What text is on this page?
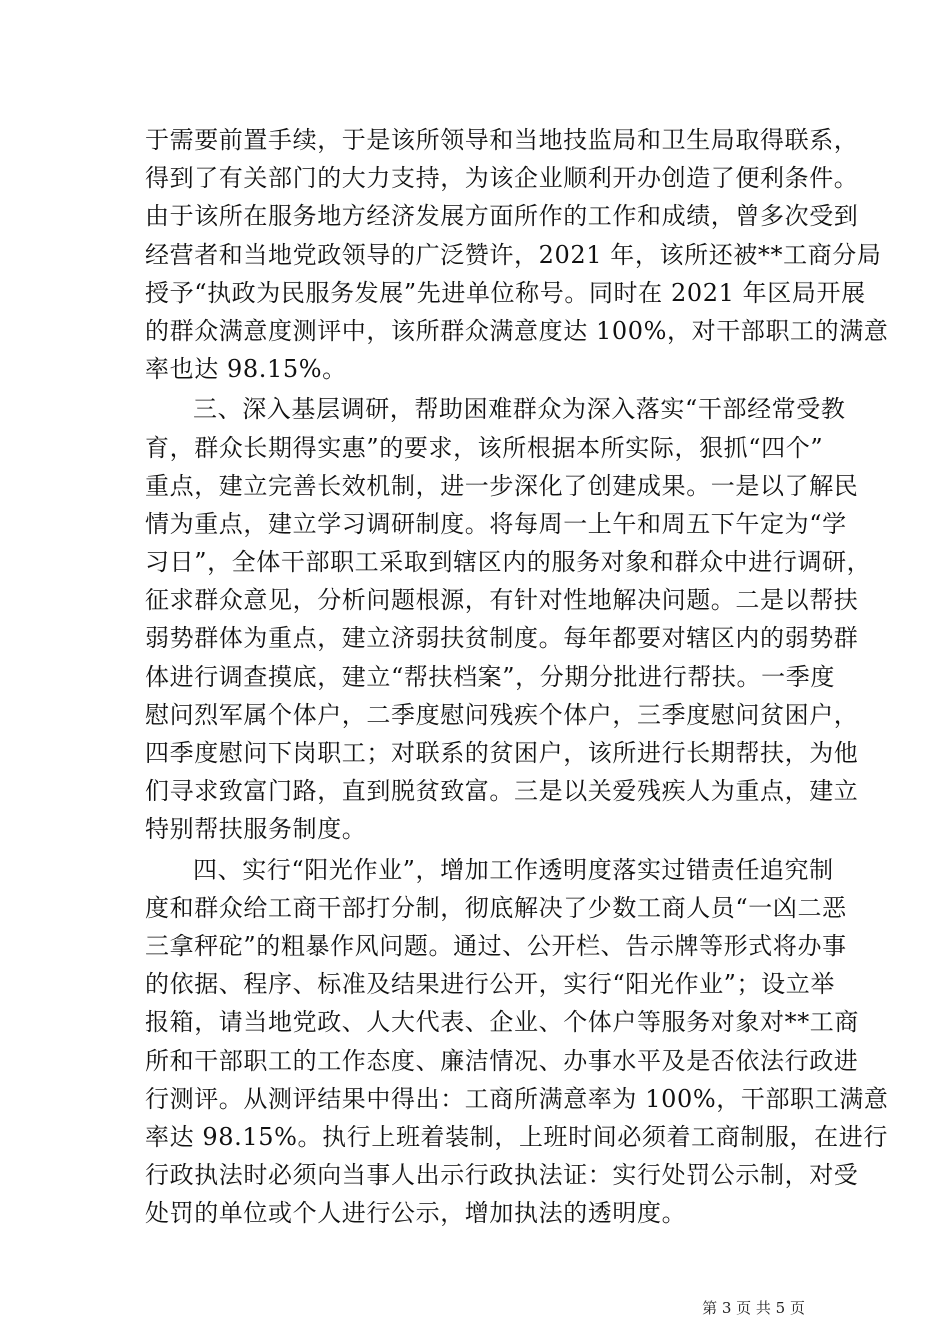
于需要前置手续，于是该所领导和当地技监局和卫生局取得联系，
得到了有关部门的大力支持，为该企业顺利开办创造了便利条件。
由于该所在服务地方经济发展方面所作的工作和成绩，曾多次受到
经营者和当地党政领导的广泛赞许，2021 年，该所还被**工商分局
授予“执政为民服务发展”先进单位称号。同时在 2021 年区局开展
的群众满意度测评中，该所群众满意度达 100%，对干部职工的满意
率也达 98.15%。
三、深入基层调研，帮助困难群众为深入落实“干部经常受教
育，群众长期得实惠”的要求，该所根据本所实际，狠抓“四个”
重点，建立完善长效机制，进一步深化了创建成果。一是以了解民
情为重点，建立学习调研制度。将每周一上午和周五下午定为“学
习日”，全体干部职工采取到辖区内的服务对象和群众中进行调研，
征求群众意见，分析问题根源，有针对性地解决问题。二是以帮扶
弱势群体为重点，建立济弱扶贫制度。每年都要对辖区内的弱势群
体进行调查摸底，建立“帮扶档案”，分期分批进行帮扶。一季度
慰问烈军属个体户，二季度慰问残疾个体户，三季度慰问贫困户，
四季度慰问下岗职工；对联系的贫困户，该所进行长期帮扶，为他
们寻求致富门路，直到脱贫致富。三是以关爱残疾人为重点，建立
特别帮扶服务制度。
四、实行“阳光作业”，增加工作透明度落实过错责任追究制
度和群众给工商干部打分制，彻底解决了少数工商人员“一凶二恶
三拿秤砣”的粗暴作风问题。通过、公开栏、告示牌等形式将办事
的依据、程序、标准及结果进行公开，实行“阳光作业”；设立举
报箱，请当地党政、人大代表、企业、个体户等服务对象对**工商
所和干部职工的工作态度、廉洁情况、办事水平及是否依法行政进
行测评。从测评结果中得出：工商所满意率为 100%，干部职工满意
率达 98.15%。执行上班着装制，上班时间必须着工商制服，在进行
行政执法时必须向当事人出示行政执法证：实行处罚公示制，对受
处罚的单位或个人进行公示，增加执法的透明度。
第 3 页 共 5 页
